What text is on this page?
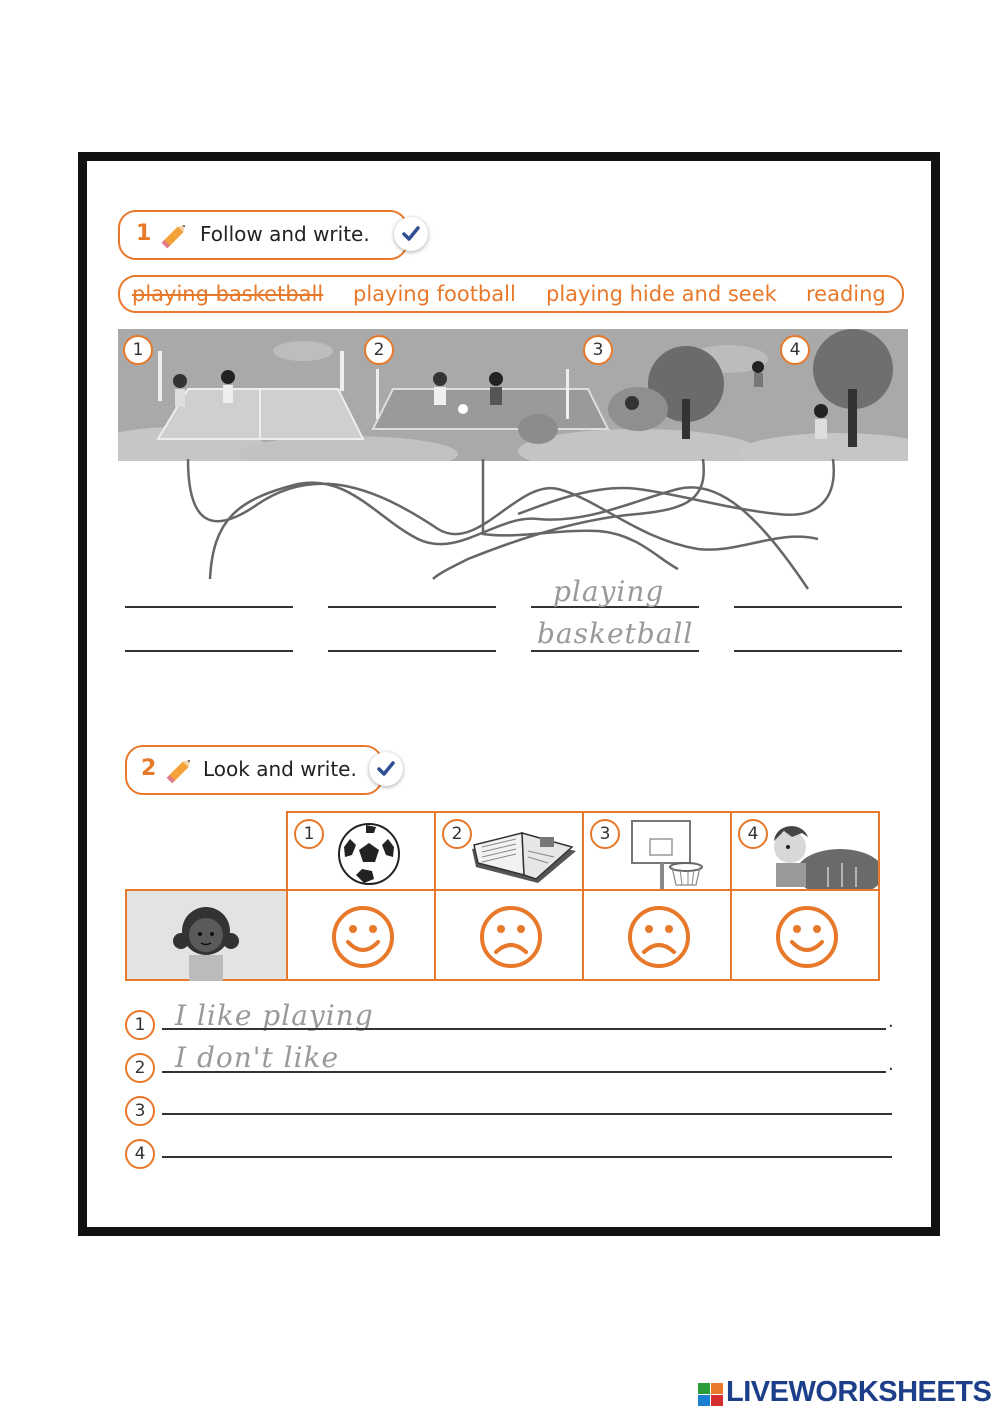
1 Follow and write.
playing basketball playing football playing hide and seek reading
1	2	3	4
playing
basketball
2 Look and write.
1	2	3	4
1	I like playing	.
2	I don't like	.
3
4
LIVEWORKSHEETS
